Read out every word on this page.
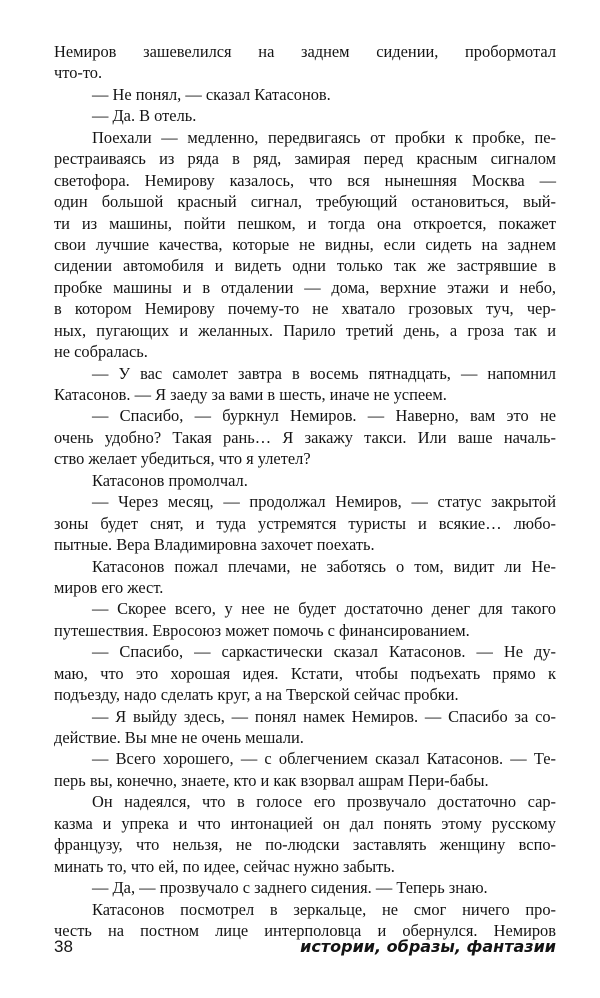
Немиров зашевелился на заднем сидении, пробормотал
что-то.
— Не понял, — сказал Катасонов.
— Да. В отель.
Поехали — медленно, передвигаясь от пробки к пробке, пе-
рестраиваясь из ряда в ряд, замирая перед красным сигналом
светофора. Немирову казалось, что вся нынешняя Москва —
один большой красный сигнал, требующий остановиться, вый-
ти из машины, пойти пешком, и тогда она откроется, покажет
свои лучшие качества, которые не видны, если сидеть на заднем
сидении автомобиля и видеть одни только так же застрявшие в
пробке машины и в отдалении — дома, верхние этажи и небо,
в котором Немирову почему-то не хватало грозовых туч, чер-
ных, пугающих и желанных. Парило третий день, а гроза так и
не собралась.
— У вас самолет завтра в восемь пятнадцать, — напомнил
Катасонов. — Я заеду за вами в шесть, иначе не успеем.
— Спасибо, — буркнул Немиров. — Наверно, вам это не
очень удобно? Такая рань… Я закажу такси. Или ваше началь-
ство желает убедиться, что я улетел?
Катасонов промолчал.
— Через месяц, — продолжал Немиров, — статус закрытой
зоны будет снят, и туда устремятся туристы и всякие… любо-
пытные. Вера Владимировна захочет поехать.
Катасонов пожал плечами, не заботясь о том, видит ли Не-
миров его жест.
— Скорее всего, у нее не будет достаточно денег для такого
путешествия. Евросоюз может помочь с финансированием.
— Спасибо, — саркастически сказал Катасонов. — Не ду-
маю, что это хорошая идея. Кстати, чтобы подъехать прямо к
подъезду, надо сделать круг, а на Тверской сейчас пробки.
— Я выйду здесь, — понял намек Немиров. — Спасибо за со-
действие. Вы мне не очень мешали.
— Всего хорошего, — с облегчением сказал Катасонов. — Те-
перь вы, конечно, знаете, кто и как взорвал ашрам Пери-бабы.
Он надеялся, что в голосе его прозвучало достаточно сар-
казма и упрека и что интонацией он дал понять этому русскому
французу, что нельзя, не по-людски заставлять женщину вспо-
минать то, что ей, по идее, сейчас нужно забыть.
— Да, — прозвучало с заднего сидения. — Теперь знаю.
Катасонов посмотрел в зеркальце, не смог ничего про-
честь на постном лице интерполовца и обернулся. Немиров
38	истории, образы, фантазии
